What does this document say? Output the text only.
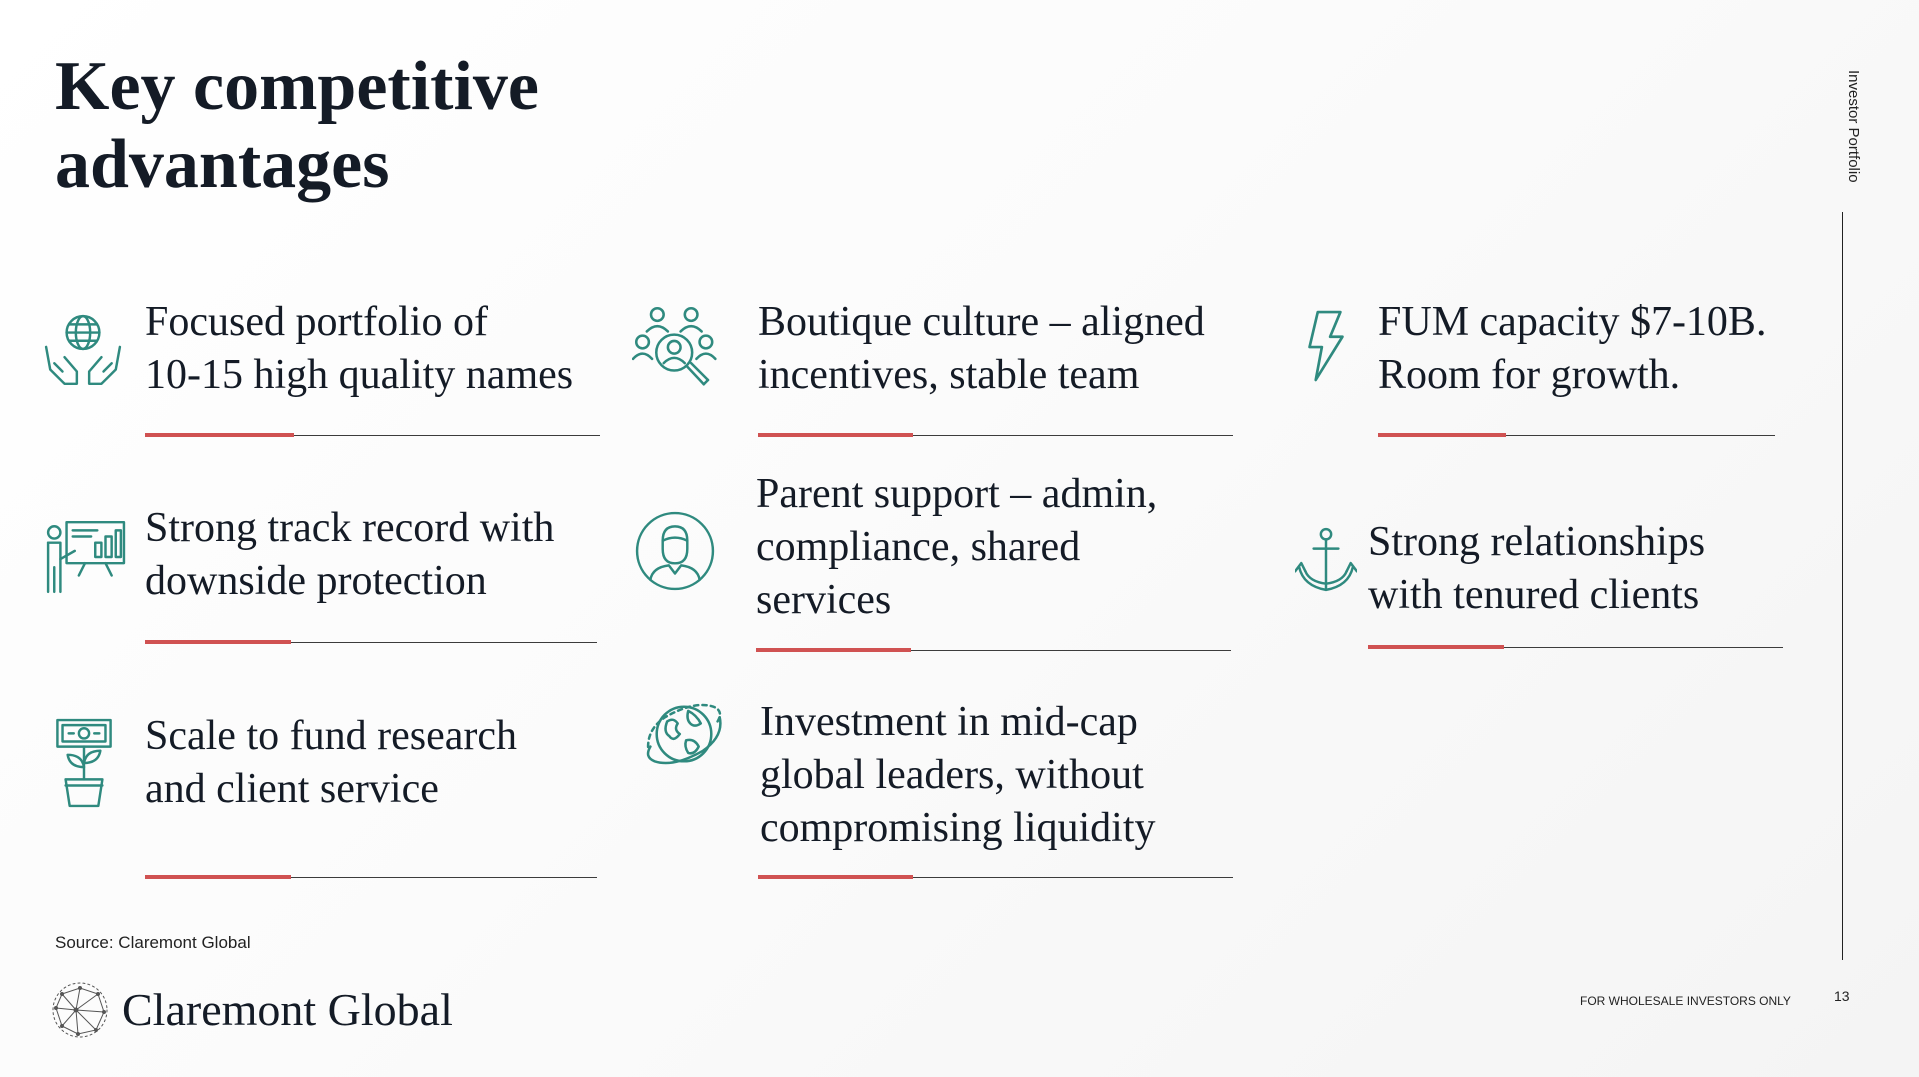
Key competitive
advantages
Focused portfolio of
10-15 high quality names
Boutique culture – aligned
incentives, stable team
FUM capacity $7-10B.
Room for growth.
Strong track record with
downside protection
Parent support – admin,
compliance, shared
services
Strong relationships
with tenured clients
Scale to fund research
and client service
Investment in mid-cap
global leaders, without
compromising liquidity
Investor Portfolio
13
FOR WHOLESALE INVESTORS ONLY
Source: Claremont Global
Claremont Global
